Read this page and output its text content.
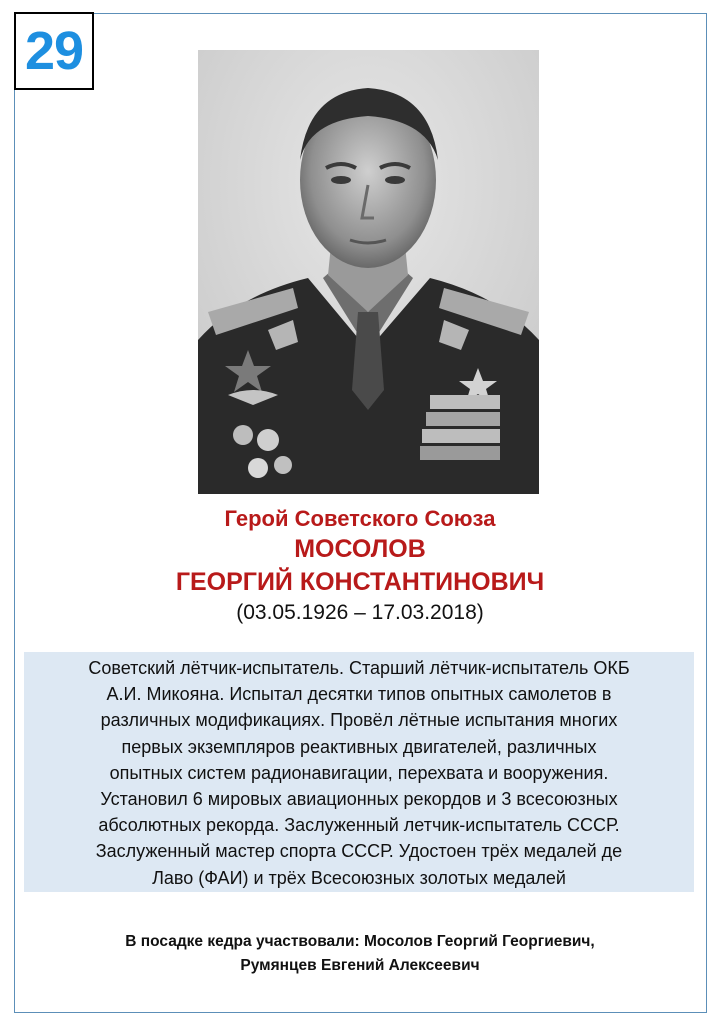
29
Герой Советского Союза
МОСОЛОВ
ГЕОРГИЙ КОНСТАНТИНОВИЧ
(03.05.1926 – 17.03.2018)
Советский лётчик-испытатель. Старший лётчик-испытатель ОКБ
А.И. Микояна. Испытал десятки типов опытных самолетов в
различных модификациях. Провёл лётные испытания многих
первых экземпляров реактивных двигателей, различных
опытных систем радионавигации, перехвата и вооружения.
Установил 6 мировых авиационных рекордов и 3 всесоюзных
абсолютных рекорда. Заслуженный летчик-испытатель СССР.
Заслуженный мастер спорта СССР. Удостоен трёх медалей де
Лаво (ФАИ) и трёх Всесоюзных золотых медалей
В посадке кедра участвовали: Мосолов Георгий Георгиевич,
Румянцев Евгений Алексеевич
